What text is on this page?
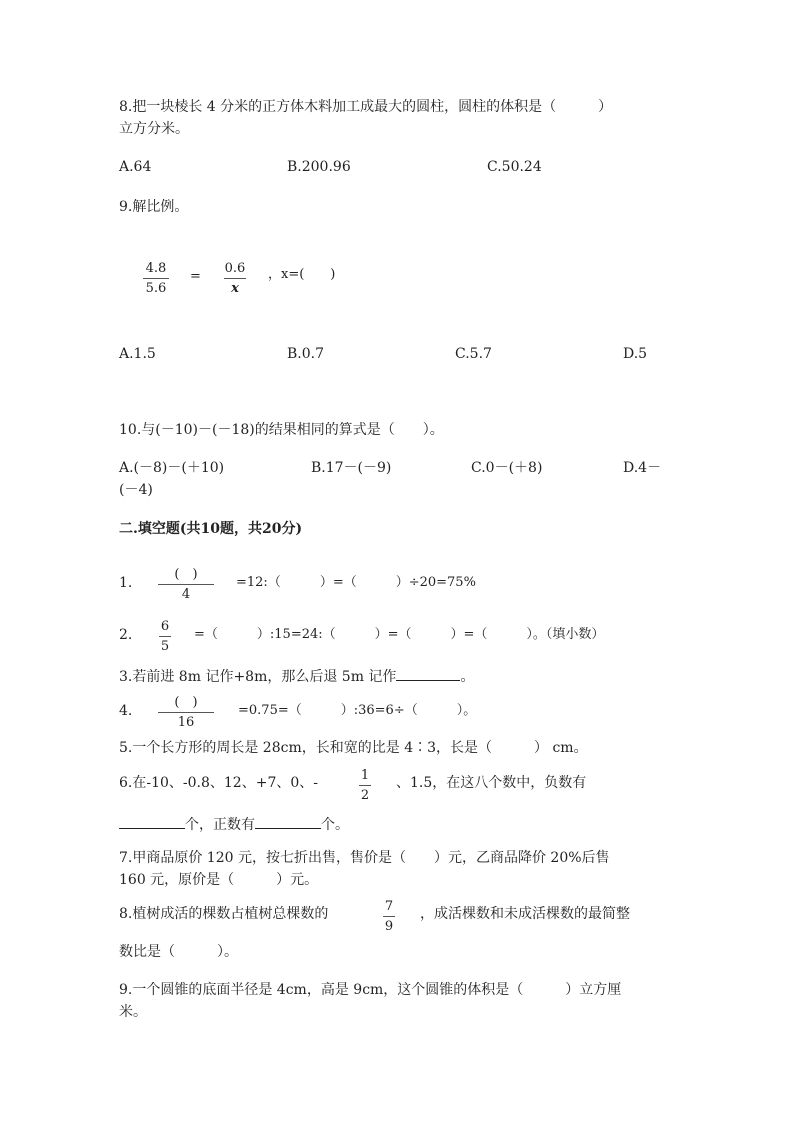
8.把一块棱长 4 分米的正方体木料加工成最大的圆柱，圆柱的体积是（　　　）
立方分米。
A.64	B.200.96	C.50.24
9.解比例。
4.8
5.6
=
0.6
x
，x=(　　)
A.1.5	B.0.7	C.5.7	D.5
10.与(－10)－(－18)的结果相同的算式是（　　）。
A.(－8)－(＋10)	B.17－(－9)	C.0－(＋8)	D.4－
(－4)
二.填空题(共10题，共20分)
1.
(　)
4
=12:（　　　）=（　　　）÷20=75%
2.
6
5
=（　　　）:15=24:（　　　）=（　　　）=（　　　）。（填小数）
3.若前进 8m 记作+8m，那么后退 5m 记作	。
4.
(　)
16
=0.75=（　　　）:36=6÷（　　　）。
5.一个长方形的周长是 28cm，长和宽的比是 4∶3，长是（　　　） cm。
6.在-10、-0.8、12、+7、0、-	1
2
、1.5，在这八个数中，负数有
个，正数有	个。
7.甲商品原价 120 元，按七折出售，售价是（　　）元，乙商品降价 20%后售
160 元，原价是（　　　）元。
8.植树成活的棵数占植树总棵数的	7
9
，成活棵数和未成活棵数的最简整
数比是（　　　）。
9.一个圆锥的底面半径是 4cm，高是 9cm，这个圆锥的体积是（　　　）立方厘
米。
